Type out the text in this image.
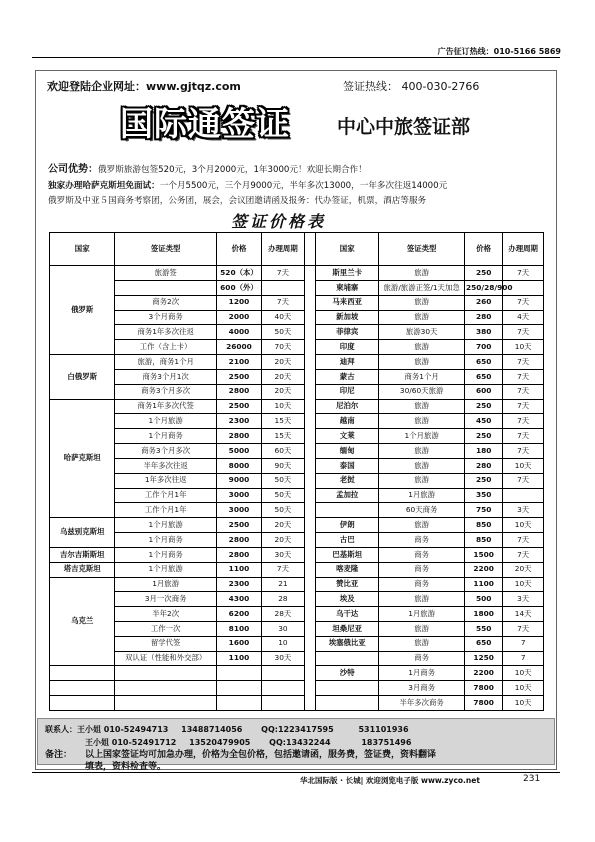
广告征订热线：010-5166 5869
欢迎登陆企业网址：www.gjtqz.com	签证热线： 400-030-2766
国际通签证 中心中旅签证部
公司优势：俄罗斯旅游包签520元，3个月2000元，1年3000元！欢迎长期合作！
独家办理哈萨克斯坦免面试：一个月5500元，三个月9000元，半年多次13000，一年多次往返14000元
俄罗斯及中亚５国商务考察团，公务团，展会，会议团邀请函及报务：代办签证，机票，酒店等服务
签证价格表
国家	签证类型	价格	办理周期		国家	签证类型	价格	办理周期
俄罗斯	旅游签	520（本）	7天		斯里兰卡	旅游	250	7天
		600（外）			柬埔寨	旅游/旅游正签/1天加急	250/28/900	
	商务2次	1200	7天		马来西亚	旅游	260	7天
	3个月商务	2000	40天		新加坡	旅游	280	4天
	商务1年多次往返	4000	50天		菲律宾	旅游30天	380	7天
	工作（含上卡）	26000	70天		印度	旅游	700	10天
白俄罗斯	旅游，商务1个月	2100	20天		迪拜	旅游	650	7天
	商务3个月1次	2500	20天		蒙古	商务1个月	650	7天
	商务3个月多次	2800	20天		印尼	30/60天旅游	600	7天
哈萨克斯坦	商务1年多次代签	2500	10天		尼泊尔	旅游	250	7天
	1个月旅游	2300	15天		越南	旅游	450	7天
	1个月商务	2800	15天		文莱	1个月旅游	250	7天
	商务3个月多次	5000	60天		缅甸	旅游	180	7天
	半年多次往返	8000	90天		泰国	旅游	280	10天
	1年多次往返	9000	50天		老挝	旅游	250	7天
	工作个月1年	3000	50天		孟加拉	1月旅游	350	
	工作个月1年	3000	50天			60天商务	750	3天
乌兹别克斯坦	1个月旅游	2500	20天		伊朗	旅游	850	10天
	1个月商务	2800	20天		古巴	商务	850	7天
吉尔吉斯斯坦	1个月商务	2800	30天		巴基斯坦	商务	1500	7天
塔吉克斯坦	1个月旅游	1100	7天		喀麦隆	商务	2200	20天
乌克兰	1月旅游	2300	21		赞比亚	商务	1100	10天
	3月一次商务	4300	28		埃及	旅游	500	3天
	半年2次	6200	28天		乌干达	1月旅游	1800	14天
	工作一次	8100	30		坦桑尼亚	旅游	550	7天
	留学代签	1600	10		埃塞俄比亚	旅游	650	7
	双认证（性能和外交部）	1100	30天			商务	1250	7
					沙特	1月商务	2200	10天
						3月商务	7800	10天
						半年多次商务	7800	10天
联系人：王小姐 010-52494713 13488714056 QQ:1223417595	531101936
王小姐 010-52491712 13520479905 QQ:13432244	183751496
备注： 以上国家签证均可加急办理，价格为全包价格，包括邀请函，服务费，签证费，资料翻译
填表，资料检查等。
华北国际版 · 长城| 欢迎浏览电子版 www.zyco.net	231
